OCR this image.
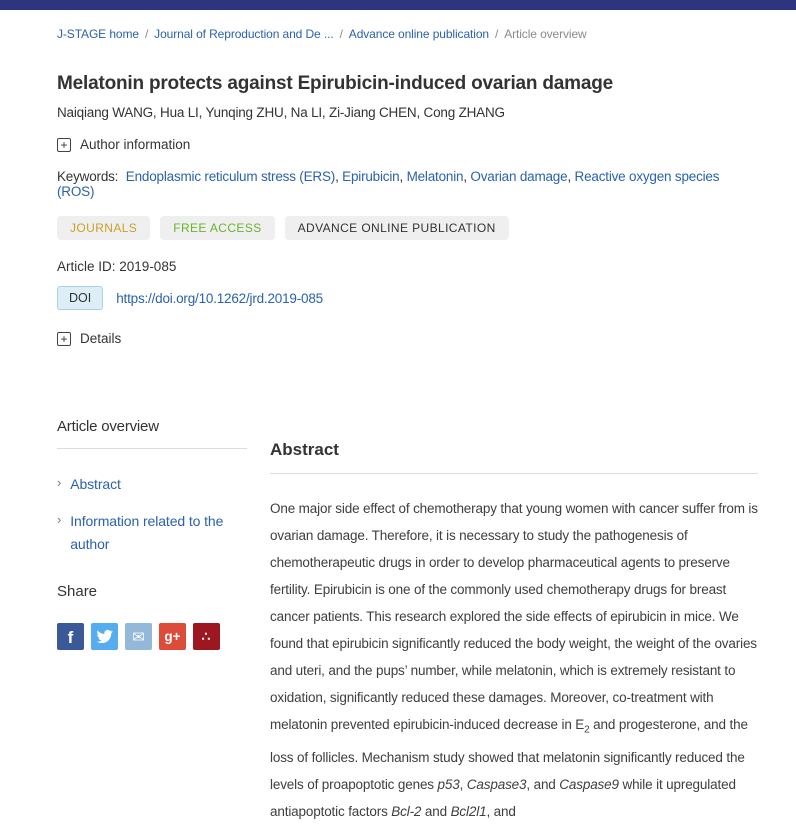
J-STAGE home / Journal of Reproduction and De ... / Advance online publication / Article overview
Melatonin protects against Epirubicin-induced ovarian damage
Naiqiang WANG, Hua LI, Yunqing ZHU, Na LI, Zi-Jiang CHEN, Cong ZHANG
+ Author information
Keywords: Endoplasmic reticulum stress (ERS), Epirubicin, Melatonin, Ovarian damage, Reactive oxygen species (ROS)
JOURNALS	FREE ACCESS	ADVANCE ONLINE PUBLICATION
Article ID: 2019-085
DOI	https://doi.org/10.1262/jrd.2019-085
+ Details
Article overview
› Abstract
› Information related to the author
Share
f	✉ g+ ∴
Abstract

One major side effect of chemotherapy that young women with cancer suffer from is ovarian damage. Therefore, it is necessary to study the pathogenesis of chemotherapeutic drugs in order to develop pharmaceutical agents to preserve fertility. Epirubicin is one of the commonly used chemotherapy drugs for breast cancer patients. This research explored the side effects of epirubicin in mice. We found that epirubicin significantly reduced the body weight, the weight of the ovaries and uteri, and the pups’ number, while melatonin, which is extremely resistant to oxidation, significantly reduced these damages. Moreover, co-treatment with melatonin prevented epirubicin-induced decrease in $E_2$ and progesterone, and the loss of follicles. Mechanism study showed that melatonin significantly reduced the levels of proapoptotic genes p53, Caspase3, and Caspase9 while it upregulated antiapoptotic factors Bcl-2 and Bcl2l1, and
